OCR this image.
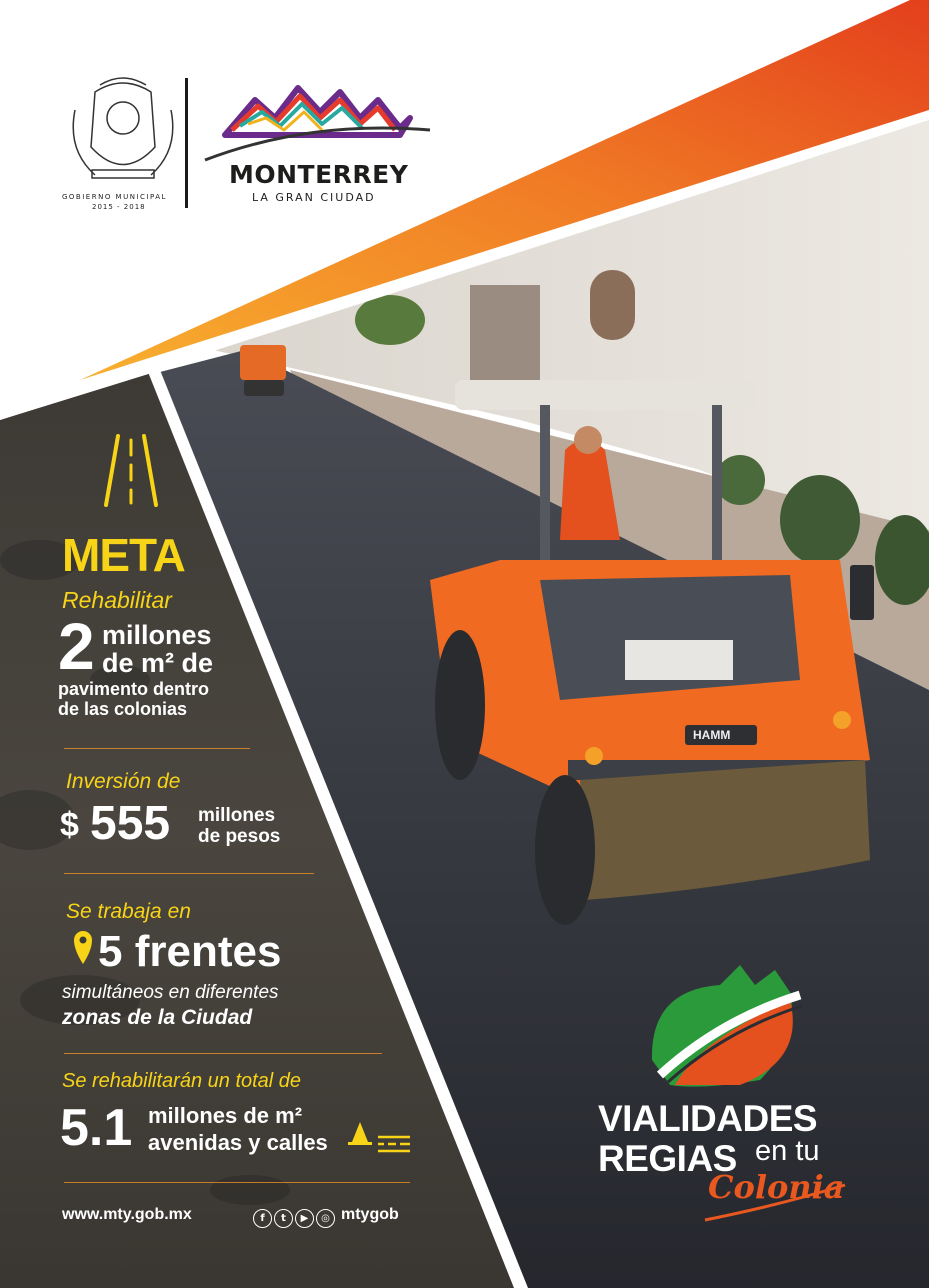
GOBIERNO MUNICIPAL
2015 - 2018
MONTERREY
LA GRAN CIUDAD
META
Rehabilitar
2 millones
de m² de
pavimento dentro
de las colonias
Inversión de
$ 555 millones
de pesos
Se trabaja en
5 frentes
simultáneos en diferentes
zonas de la Ciudad
Se rehabilitarán un total de
5.1 millones de m²
avenidas y calles
www.mty.gob.mx	f t ▶ ◎ mtygob
HAMM
VIALIDADES
REGIAS en tu
Colonia
